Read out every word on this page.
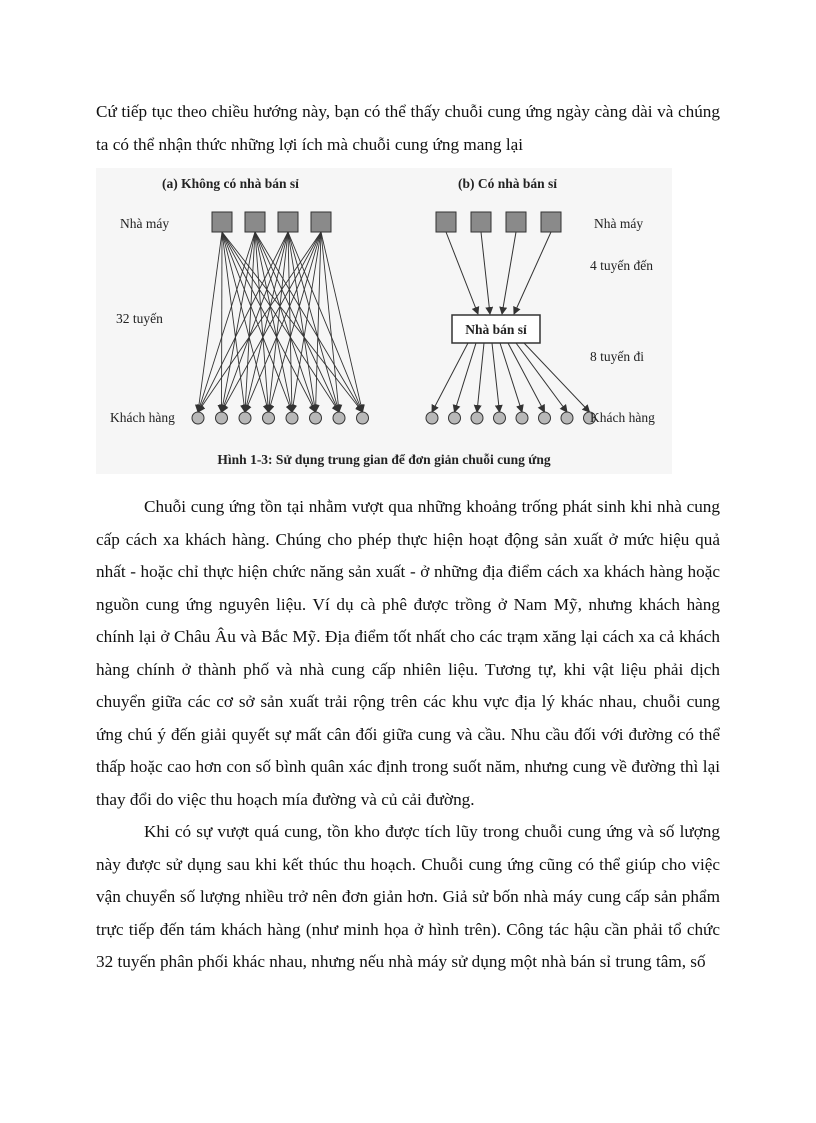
Cứ tiếp tục theo chiều hướng này, bạn có thể thấy chuỗi cung ứng ngày càng dài và chúng ta có thể nhận thức những lợi ích mà chuỗi cung ứng mang lại

(a) Không có nhà bán sỉ	(b) Có nhà bán sỉ
Nhà máy
32 tuyến
Khách hàng
Nhà máy
4 tuyến đến
8 tuyến đi
Khách hàng
Nhà bán sỉ
Hình 1-3: Sử dụng trung gian để đơn giản chuỗi cung ứng

Chuỗi cung ứng tồn tại nhằm vượt qua những khoảng trống phát sinh khi nhà cung cấp cách xa khách hàng. Chúng cho phép thực hiện hoạt động sản xuất ở mức hiệu quả nhất - hoặc chỉ thực hiện chức năng sản xuất - ở những địa điểm cách xa khách hàng hoặc nguồn cung ứng nguyên liệu. Ví dụ cà phê được trồng ở Nam Mỹ, nhưng khách hàng chính lại ở Châu Âu và Bắc Mỹ. Địa điểm tốt nhất cho các trạm xăng lại cách xa cả khách hàng chính ở thành phố và nhà cung cấp nhiên liệu. Tương tự, khi vật liệu phải dịch chuyển giữa các cơ sở sản xuất trải rộng trên các khu vực địa lý khác nhau, chuỗi cung ứng chú ý đến giải quyết sự mất cân đối giữa cung và cầu. Nhu cầu đối với đường có thể thấp hoặc cao hơn con số bình quân xác định trong suốt năm, nhưng cung về đường thì lại thay đổi do việc thu hoạch mía đường và củ cải đường.

Khi có sự vượt quá cung, tồn kho được tích lũy trong chuỗi cung ứng và số lượng này được sử dụng sau khi kết thúc thu hoạch. Chuỗi cung ứng cũng có thể giúp cho việc vận chuyển số lượng nhiều trở nên đơn giản hơn. Giả sử bốn nhà máy cung cấp sản phẩm trực tiếp đến tám khách hàng (như minh họa ở hình trên). Công tác hậu cần phải tổ chức 32 tuyến phân phối khác nhau, nhưng nếu nhà máy sử dụng một nhà bán sỉ trung tâm, số
